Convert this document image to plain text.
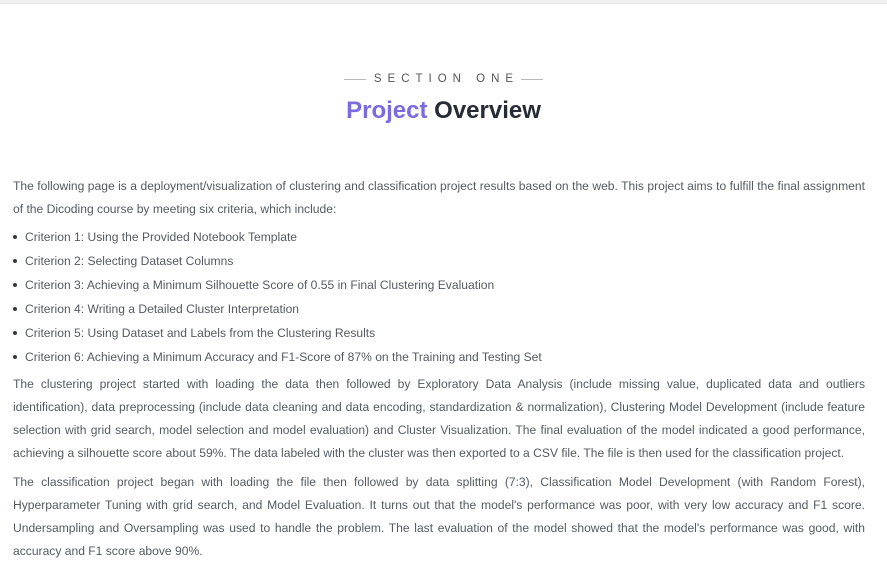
SECTION ONE
Project Overview

The following page is a deployment/visualization of clustering and classification project results based on the web. This project aims to fulfill the final assignment of the Dicoding course by meeting six criteria, which include:

Criterion 1: Using the Provided Notebook Template
Criterion 2: Selecting Dataset Columns
Criterion 3: Achieving a Minimum Silhouette Score of 0.55 in Final Clustering Evaluation
Criterion 4: Writing a Detailed Cluster Interpretation
Criterion 5: Using Dataset and Labels from the Clustering Results
Criterion 6: Achieving a Minimum Accuracy and F1-Score of 87% on the Training and Testing Set

The clustering project started with loading the data then followed by Exploratory Data Analysis (include missing value, duplicated data and outliers identification), data preprocessing (include data cleaning and data encoding, standardization & normalization), Clustering Model Development (include feature selection with grid search, model selection and model evaluation) and Cluster Visualization. The final evaluation of the model indicated a good performance, achieving a silhouette score about 59%. The data labeled with the cluster was then exported to a CSV file. The file is then used for the classification project.

The classification project began with loading the file then followed by data splitting (7:3), Classification Model Development (with Random Forest), Hyperparameter Tuning with grid search, and Model Evaluation. It turns out that the model's performance was poor, with very low accuracy and F1 score. Undersampling and Oversampling was used to handle the problem. The last evaluation of the model showed that the model's performance was good, with accuracy and F1 score above 90%.
